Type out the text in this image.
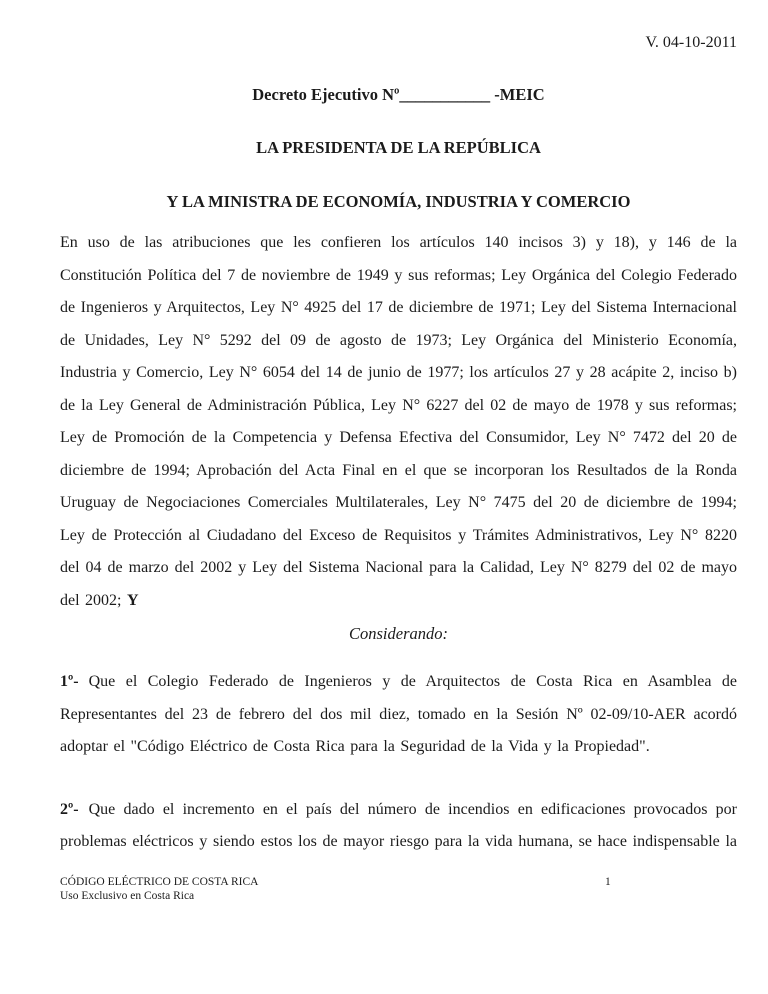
V. 04-10-2011
Decreto Ejecutivo Nº___________ -MEIC
LA PRESIDENTA DE LA REPÚBLICA
Y LA MINISTRA DE ECONOMÍA, INDUSTRIA Y COMERCIO

En uso de las atribuciones que les confieren los artículos 140 incisos 3) y 18), y 146 de la Constitución Política del 7 de noviembre de 1949 y sus reformas; Ley Orgánica del Colegio Federado de Ingenieros y Arquitectos, Ley N° 4925 del 17 de diciembre de 1971; Ley del Sistema Internacional de Unidades, Ley N° 5292 del 09 de agosto de 1973; Ley Orgánica del Ministerio Economía, Industria y Comercio, Ley N° 6054 del 14 de junio de 1977; los artículos 27 y 28 acápite 2, inciso b) de la Ley General de Administración Pública, Ley N° 6227 del 02 de mayo de 1978 y sus reformas; Ley de Promoción de la Competencia y Defensa Efectiva del Consumidor, Ley N° 7472 del 20 de diciembre de 1994; Aprobación del Acta Final en el que se incorporan los Resultados de la Ronda Uruguay de Negociaciones Comerciales Multilaterales, Ley N° 7475 del 20 de diciembre de 1994; Ley de Protección al Ciudadano del Exceso de Requisitos y Trámites Administrativos, Ley N° 8220 del 04 de marzo del 2002 y Ley del Sistema Nacional para la Calidad, Ley N° 8279 del 02 de mayo del 2002; Y

Considerando:

1º- Que el Colegio Federado de Ingenieros y de Arquitectos de Costa Rica en Asamblea de Representantes del 23 de febrero del dos mil diez, tomado en la Sesión Nº 02-09/10-AER acordó adoptar el "Código Eléctrico de Costa Rica para la Seguridad de la Vida y la Propiedad".

2º- Que dado el incremento en el país del número de incendios en edificaciones provocados por problemas eléctricos y siendo estos los de mayor riesgo para la vida humana, se hace indispensable la

CÓDIGO ELÉCTRICO DE COSTA RICA
Uso Exclusivo en Costa Rica
1
